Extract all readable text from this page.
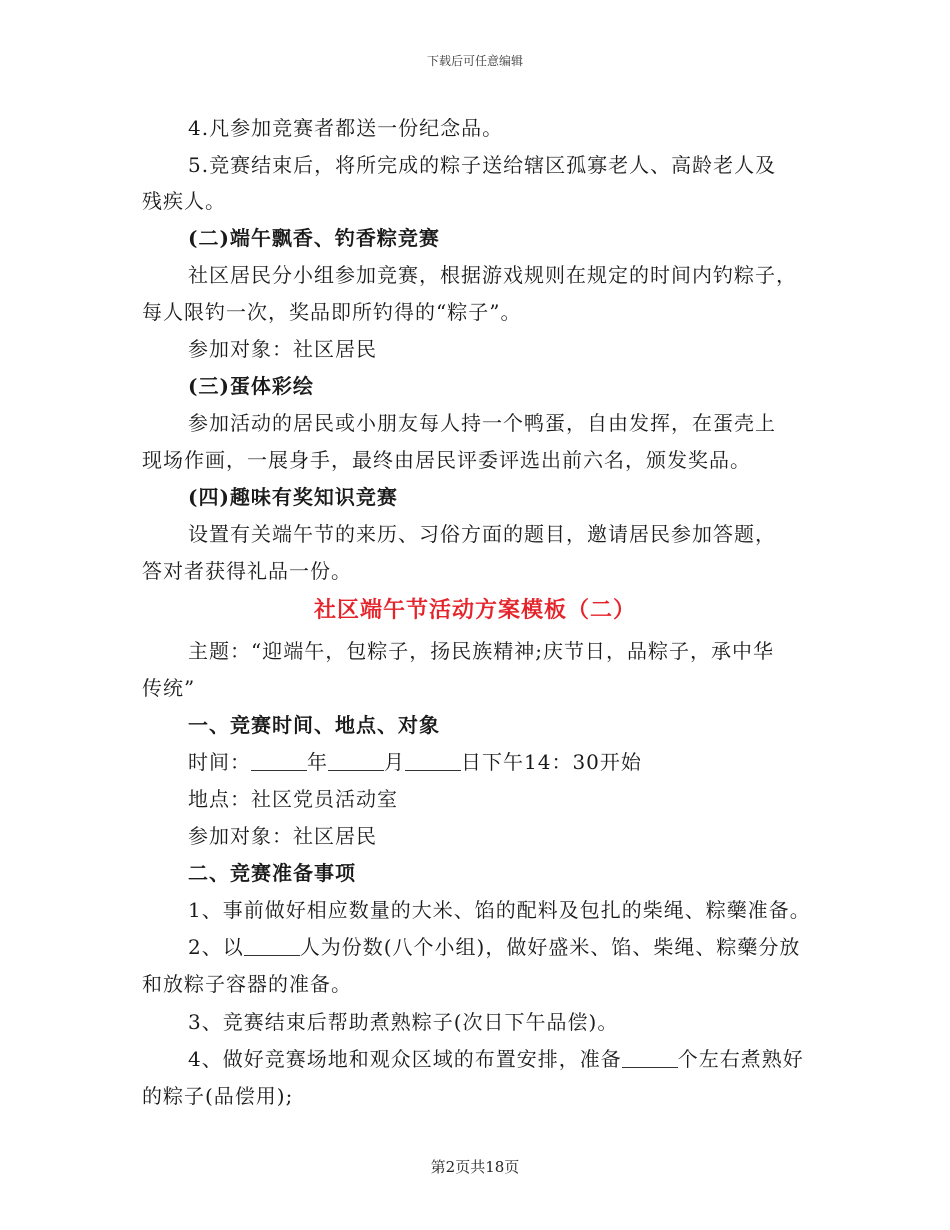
下载后可任意编辑
4.凡参加竞赛者都送一份纪念品。
5.竞赛结束后，将所完成的粽子送给辖区孤寡老人、高龄老人及
残疾人。
(二)端午飘香、钓香粽竞赛
社区居民分小组参加竞赛，根据游戏规则在规定的时间内钓粽子，
每人限钓一次，奖品即所钓得的“粽子”。
参加对象：社区居民
(三)蛋体彩绘
参加活动的居民或小朋友每人持一个鸭蛋，自由发挥，在蛋壳上
现场作画，一展身手，最终由居民评委评选出前六名，颁发奖品。
(四)趣味有奖知识竞赛
设置有关端午节的来历、习俗方面的题目，邀请居民参加答题，
答对者获得礼品一份。
社区端午节活动方案模板（二）
主题：“迎端午，包粽子，扬民族精神;庆节日，品粽子，承中华
传统”
一、竞赛时间、地点、对象
时间：	年	月	日下午14：30开始
地点：社区党员活动室
参加对象：社区居民
二、竞赛准备事项
1、事前做好相应数量的大米、馅的配料及包扎的柴绳、粽藥准备。
2、以	人为份数(八个小组)，做好盛米、馅、柴绳、粽藥分放
和放粽子容器的准备。
3、竞赛结束后帮助煮熟粽子(次日下午品偿)。
4、做好竞赛场地和观众区域的布置安排，准备	个左右煮熟好
的粽子(品偿用);
第2页共18页
